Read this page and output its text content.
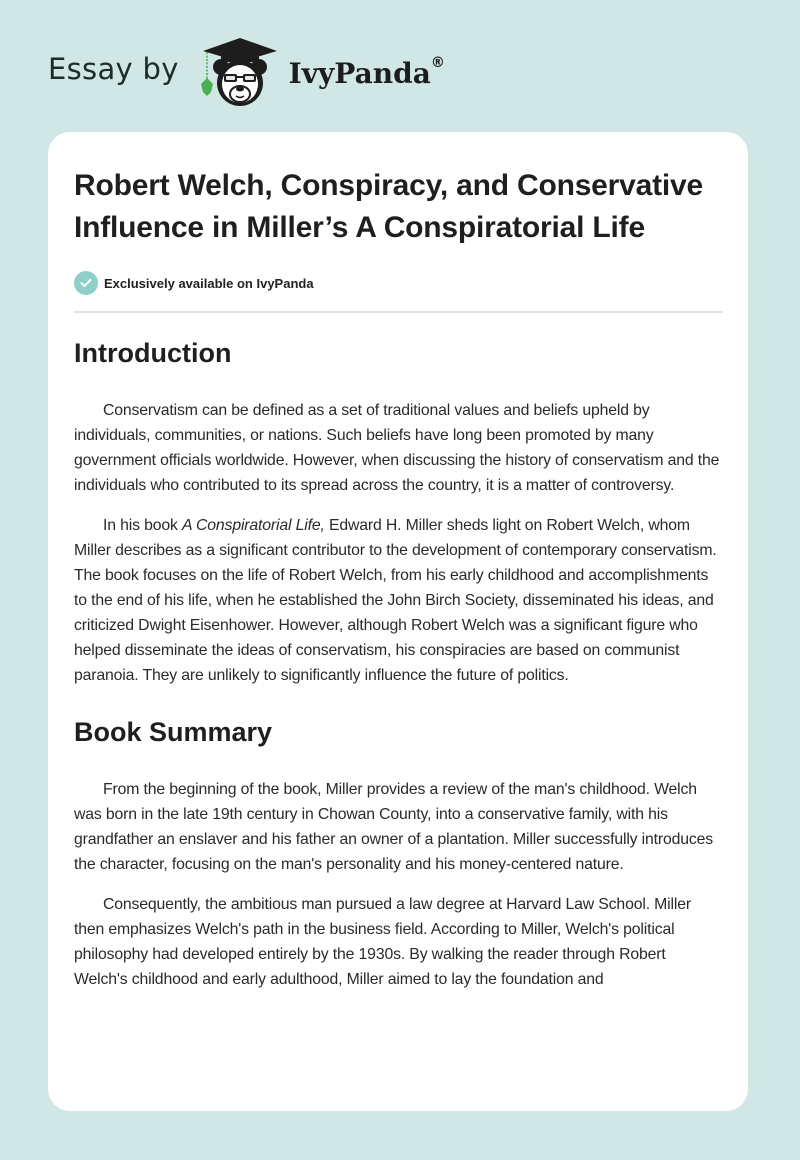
Essay by	IvyPanda®
Robert Welch, Conspiracy, and Conservative Influence in Miller’s A Conspiratorial Life
Exclusively available on IvyPanda
Introduction

Conservatism can be defined as a set of traditional values and beliefs upheld by individuals, communities, or nations. Such beliefs have long been promoted by many government officials worldwide. However, when discussing the history of conservatism and the individuals who contributed to its spread across the country, it is a matter of controversy.

In his book A Conspiratorial Life, Edward H. Miller sheds light on Robert Welch, whom Miller describes as a significant contributor to the development of contemporary conservatism. The book focuses on the life of Robert Welch, from his early childhood and accomplishments to the end of his life, when he established the John Birch Society, disseminated his ideas, and criticized Dwight Eisenhower. However, although Robert Welch was a significant figure who helped disseminate the ideas of conservatism, his conspiracies are based on communist paranoia. They are unlikely to significantly influence the future of politics.

Book Summary

From the beginning of the book, Miller provides a review of the man's childhood. Welch was born in the late 19th century in Chowan County, into a conservative family, with his grandfather an enslaver and his father an owner of a plantation. Miller successfully introduces the character, focusing on the man's personality and his money-centered nature.

Consequently, the ambitious man pursued a law degree at Harvard Law School. Miller then emphasizes Welch's path in the business field. According to Miller, Welch's political philosophy had developed entirely by the 1930s. By walking the reader through Robert Welch's childhood and early adulthood, Miller aimed to lay the foundation and
